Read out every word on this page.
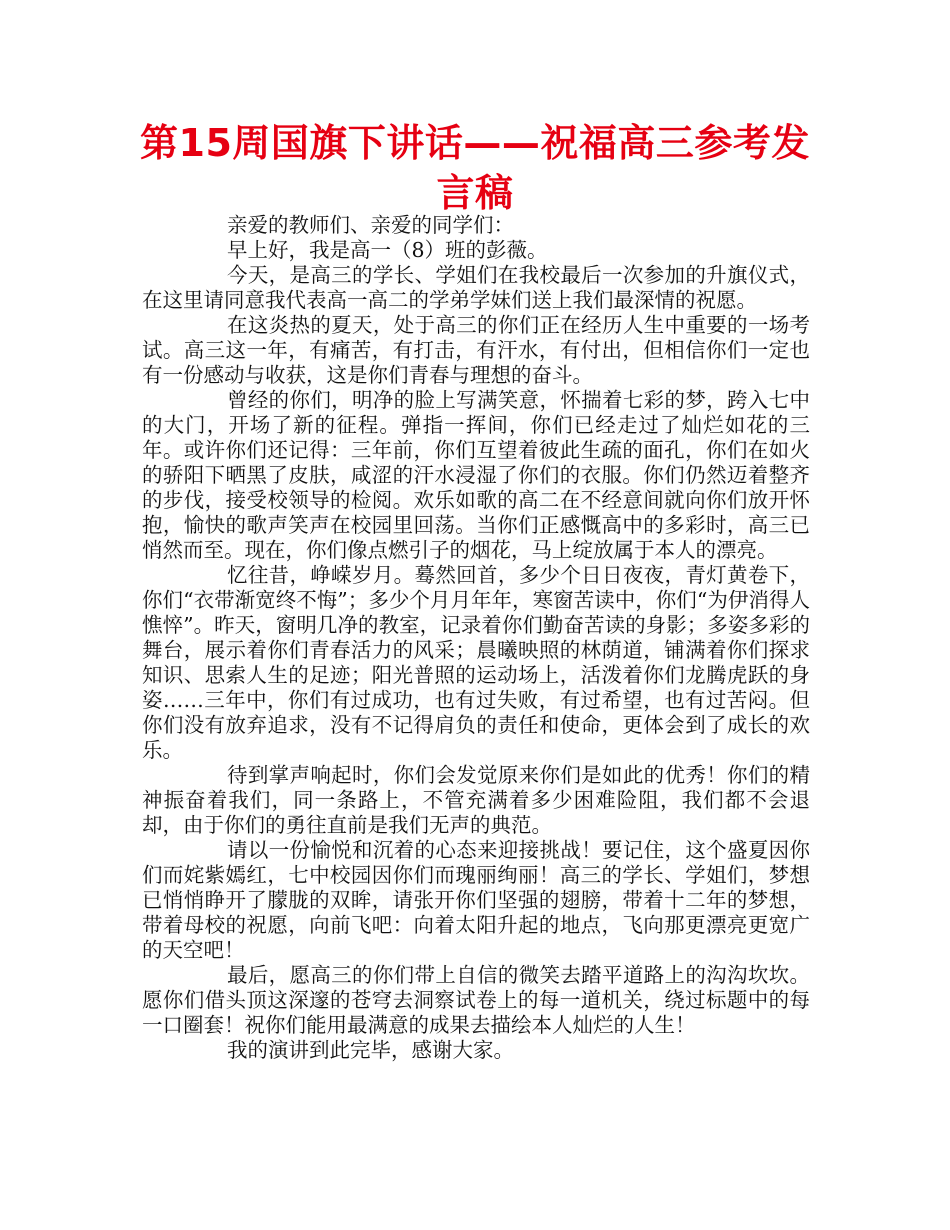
第15周国旗下讲话——祝福高三参考发言稿

亲爱的教师们、亲爱的同学们：

早上好，我是高一（8）班的彭薇。

今天，是高三的学长、学姐们在我校最后一次参加的升旗仪式，在这里请同意我代表高一高二的学弟学妹们送上我们最深情的祝愿。

在这炎热的夏天，处于高三的你们正在经历人生中重要的一场考试。高三这一年，有痛苦，有打击，有汗水，有付出，但相信你们一定也有一份感动与收获，这是你们青春与理想的奋斗。

曾经的你们，明净的脸上写满笑意，怀揣着七彩的梦，跨入七中的大门，开场了新的征程。弹指一挥间，你们已经走过了灿烂如花的三年。或许你们还记得：三年前，你们互望着彼此生疏的面孔，你们在如火的骄阳下晒黑了皮肤，咸涩的汗水浸湿了你们的衣服。你们仍然迈着整齐的步伐，接受校领导的检阅。欢乐如歌的高二在不经意间就向你们放开怀抱，愉快的歌声笑声在校园里回荡。当你们正感慨高中的多彩时，高三已悄然而至。现在，你们像点燃引子的烟花，马上绽放属于本人的漂亮。

忆往昔，峥嵘岁月。蓦然回首，多少个日日夜夜，青灯黄卷下，你们“衣带渐宽终不悔”；多少个月月年年，寒窗苦读中，你们“为伊消得人憔悴”。昨天，窗明几净的教室，记录着你们勤奋苦读的身影；多姿多彩的舞台，展示着你们青春活力的风采；晨曦映照的林荫道，铺满着你们探求知识、思索人生的足迹；阳光普照的运动场上，活泼着你们龙腾虎跃的身姿……三年中，你们有过成功，也有过失败，有过希望，也有过苦闷。但你们没有放弃追求，没有不记得肩负的责任和使命，更体会到了成长的欢乐。

待到掌声响起时，你们会发觉原来你们是如此的优秀！你们的精神振奋着我们，同一条路上，不管充满着多少困难险阻，我们都不会退却，由于你们的勇往直前是我们无声的典范。

请以一份愉悦和沉着的心态来迎接挑战！要记住，这个盛夏因你们而姹紫嫣红，七中校园因你们而瑰丽绚丽！高三的学长、学姐们，梦想已悄悄睁开了朦胧的双眸，请张开你们坚强的翅膀，带着十二年的梦想，带着母校的祝愿，向前飞吧：向着太阳升起的地点，飞向那更漂亮更宽广的天空吧！

最后，愿高三的你们带上自信的微笑去踏平道路上的沟沟坎坎。愿你们借头顶这深邃的苍穹去洞察试卷上的每一道机关，绕过标题中的每一口圈套！祝你们能用最满意的成果去描绘本人灿烂的人生！

我的演讲到此完毕，感谢大家。
